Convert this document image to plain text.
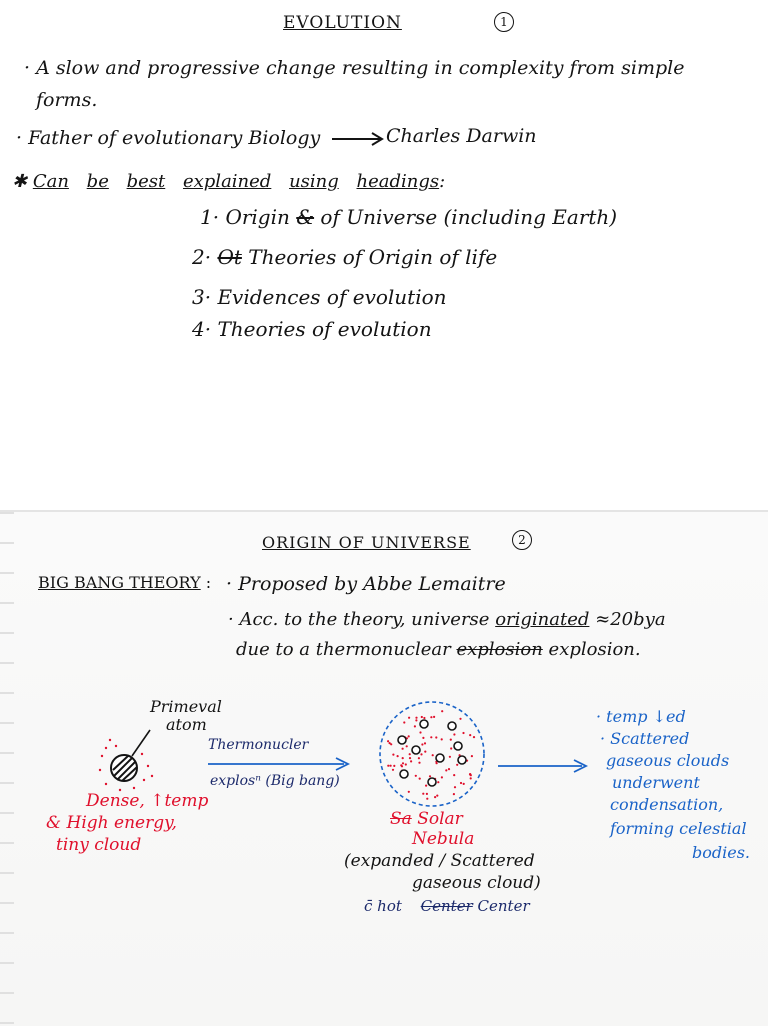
EVOLUTION	1
· A slow and progressive change resulting in complexity from simple
forms.
· Father of evolutionary Biology	Charles Darwin
✱ Can be best explained using headings:
1· Origin & of Universe (including Earth)
2· Ot Theories of Origin of life
3· Evidences of evolution
4· Theories of evolution
ORIGIN OF UNIVERSE	2
BIG BANG THEORY : · Proposed by Abbe Lemaitre
· Acc. to the theory, universe originated ≈20bya
due to a thermonuclear explosion explosion.
Primeval
atom
Dense, ↑temp
& High energy,
tiny cloud
Thermonucler
explosⁿ (Big bang)
Sa Solar
Nebula
(expanded / Scattered
gaseous cloud)
c̄ hot Center Center
· temp ↓ed
· Scattered
gaseous clouds
underwent
condensation,
forming celestial
bodies.
